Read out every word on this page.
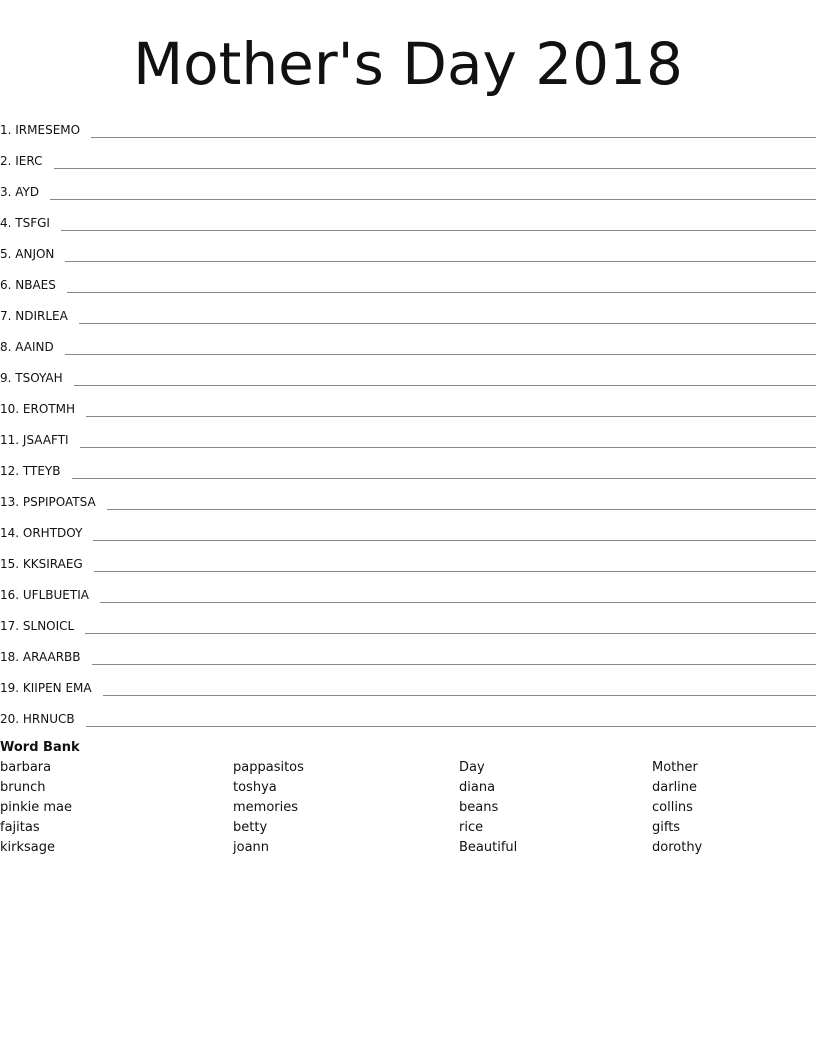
Mother's Day 2018
1. IRMESEMO
2. IERC
3. AYD
4. TSFGI
5. ANJON
6. NBAES
7. NDIRLEA
8. AAIND
9. TSOYAH
10. EROTMH
11. JSAAFTI
12. TTEYB
13. PSPIPOATSA
14. ORHTDOY
15. KKSIRAEG
16. UFLBUETIA
17. SLNOICL
18. ARAARBB
19. KIIPEN EMA
20. HRNUCB
Word Bank
barbara
brunch
pinkie mae
fajitas
kirksage
pappasitos
toshya
memories
betty
joann
Day
diana
beans
rice
Beautiful
Mother
darline
collins
gifts
dorothy
